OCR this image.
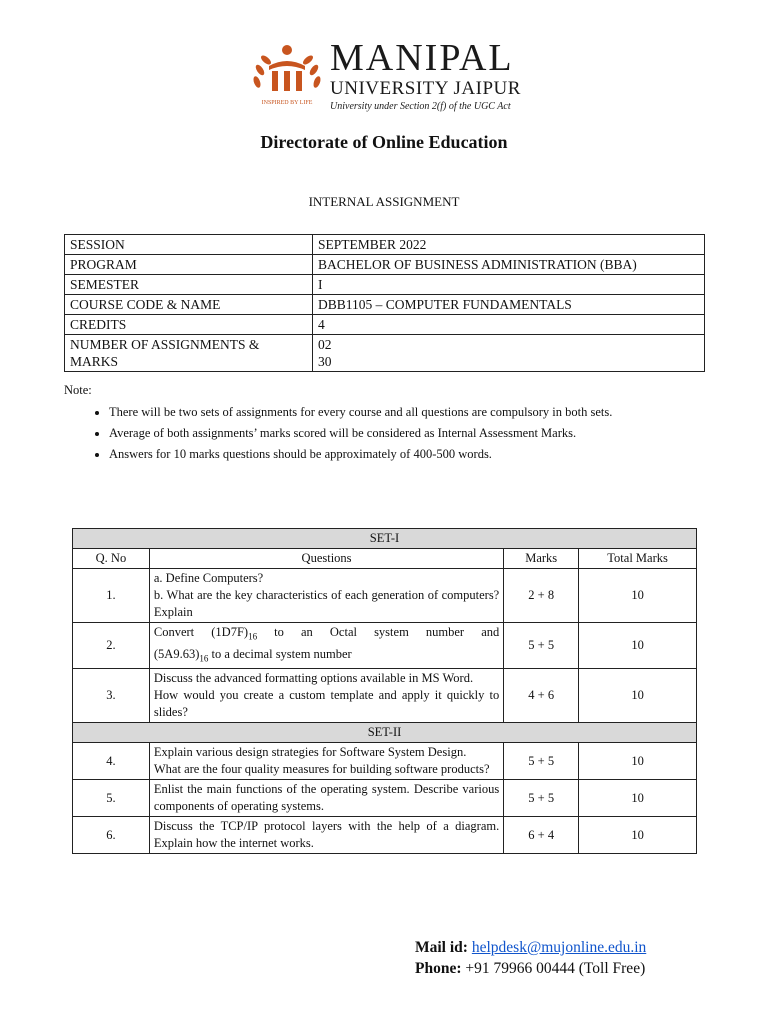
INSPIRED BY LIFE
MANIPAL
UNIVERSITY JAIPUR
University under Section 2(f) of the UGC Act
Directorate of Online Education
INTERNAL ASSIGNMENT
SESSION	SEPTEMBER 2022
PROGRAM	BACHELOR OF BUSINESS ADMINISTRATION (BBA)
SEMESTER	I
COURSE CODE & NAME	DBB1105 – COMPUTER FUNDAMENTALS
CREDITS	4
NUMBER OF ASSIGNMENTS & MARKS	02
30
Note:
• There will be two sets of assignments for every course and all questions are compulsory in both sets.
• Average of both assignments’ marks scored will be considered as Internal Assessment Marks.
• Answers for 10 marks questions should be approximately of 400-500 words.
SET-I			
Q. No	Questions	Marks	Total Marks
1.	a. Define Computers?
b. What are the key characteristics of each generation of computers? Explain	2 + 8	10
2.	Convert $(1D7F)_{16}$ to an Octal system number and
$(5A9.63)_{16}$ to a decimal system number	5 + 5	10
3.	Discuss the advanced formatting options available in MS Word.
How would you create a custom template and apply it quickly to slides?	4 + 6	10
SET-II			
4.	Explain various design strategies for Software System Design.
What are the four quality measures for building software products?	5 + 5	10
5.	Enlist the main functions of the operating system. Describe various components of operating systems.	5 + 5	10
6.	Discuss the TCP/IP protocol layers with the help of a diagram. Explain how the internet works.	6 + 4	10
Mail id: helpdesk@mujonline.edu.in
Phone: +91 79966 00444 (Toll Free)
